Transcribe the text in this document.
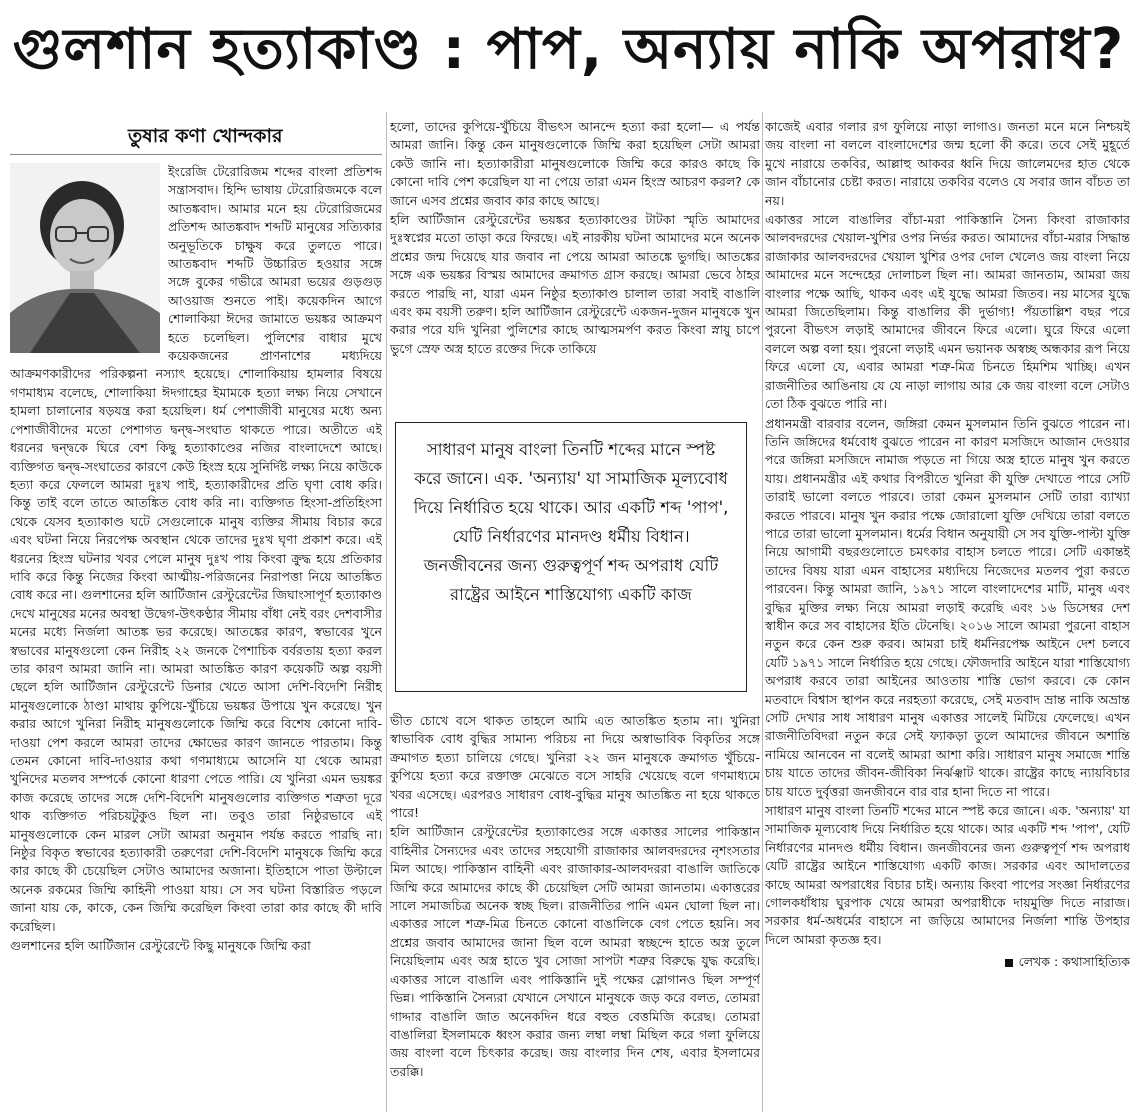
গুলশান হত্যাকাণ্ড : পাপ, অন্যায় নাকি অপরাধ?
তুষার কণা খোন্দকার

ইংরেজি টেরোরিজম শব্দের বাংলা প্রতিশব্দ সন্ত্রাসবাদ। হিন্দি ভাষায় টেরোরিজমকে বলে আতঙ্কবাদ। আমার মনে হয় টেরোরিজমের প্রতিশব্দ আতঙ্কবাদ শব্দটি মানুষের সত্যিকার অনুভূতিকে চাক্ষুষ করে তুলতে পারে। আতঙ্কবাদ শব্দটি উচ্চারিত হওয়ার সঙ্গে সঙ্গে বুকের গভীরে আমরা ভয়ের গুড়গুড় আওয়াজ শুনতে পাই। কয়েকদিন আগে শোলাকিয়া ঈদের জামাতে ভয়ঙ্কর আক্রমণ হতে চলেছিল। পুলিশের বাধার মুখে কয়েকজনের প্রাণনাশের মধ্যদিয়ে আক্রমণকারীদের পরিকল্পনা নস্যাৎ হয়েছে। শোলাকিয়ায় হামলার বিষয়ে গণমাধ্যম বলেছে, শোলাকিয়া ঈদগাহের ইমামকে হত্যা লক্ষ্য নিয়ে সেখানে হামলা চালানোর ষড়যন্ত্র করা হয়েছিল। ধর্ম পেশাজীবী মানুষের মধ্যে অন্য পেশাজীবীদের মতো পেশাগত দ্বন্দ্ব-সংঘাত থাকতে পারে। অতীতে এই ধরনের দ্বন্দ্বকে ঘিরে বেশ কিছু হত্যাকাণ্ডের নজির বাংলাদেশে আছে। ব্যক্তিগত দ্বন্দ্ব-সংঘাতের কারণে কেউ হিংস্র হয়ে সুনির্দিষ্ট লক্ষ্য নিয়ে কাউকে হত্যা করে ফেললে আমরা দুঃখ পাই, হত্যাকারীদের প্রতি ঘৃণা বোধ করি। কিন্তু তাই বলে তাতে আতঙ্কিত বোধ করি না। ব্যক্তিগত হিংসা-প্রতিহিংসা থেকে যেসব হত্যাকাণ্ড ঘটে সেগুলোকে মানুষ ব্যক্তির সীমায় বিচার করে এবং ঘটনা নিয়ে নিরপেক্ষ অবস্থান থেকে তাদের দুঃখ ঘৃণা প্রকাশ করে। এই ধরনের হিংস্র ঘটনার খবর পেলে মানুষ দুঃখ পায় কিংবা ক্রুদ্ধ হয়ে প্রতিকার দাবি করে কিন্তু নিজের কিংবা আত্মীয়-পরিজনের নিরাপত্তা নিয়ে আতঙ্কিত বোধ করে না। গুলশানের হলি আর্টিজান রেস্টুরেন্টের জিঘাংসাপূর্ণ হত্যাকাণ্ড দেখে মানুষের মনের অবস্থা উদ্বেগ-উৎকণ্ঠার সীমায় বাঁধা নেই বরং দেশবাসীর মনের মধ্যে নির্জলা আতঙ্ক ভর করেছে। আতঙ্কের কারণ, স্বভাবের খুনে স্বভাবের মানুষগুলো কেন নিরীহ ২২ জনকে পৈশাচিক বর্বরতায় হত্যা করল তার কারণ আমরা জানি না। আমরা আতঙ্কিত কারণ কয়েকটি অল্প বয়সী ছেলে হলি আর্টিজান রেস্টুরেন্টে ডিনার খেতে আসা দেশি-বিদেশি নিরীহ মানুষগুলোকে ঠাণ্ডা মাথায় কুপিয়ে-খুঁচিয়ে ভয়ঙ্কর উপায়ে খুন করেছে। খুন করার আগে খুনিরা নিরীহ মানুষগুলোকে জিম্মি করে বিশেষ কোনো দাবি-দাওয়া পেশ করলে আমরা তাদের ক্ষোভের কারণ জানতে পারতাম। কিন্তু তেমন কোনো দাবি-দাওয়ার কথা গণমাধ্যমে আসেনি যা থেকে আমরা খুনিদের মতলব সম্পর্কে কোনো ধারণা পেতে পারি। যে খুনিরা এমন ভয়ঙ্কর কাজ করেছে তাদের সঙ্গে দেশি-বিদেশি মানুষগুলোর ব্যক্তিগত শত্রুতা দূরে থাক ব্যক্তিগত পরিচয়টুকুও ছিল না। তবুও তারা নিষ্ঠুরভাবে এই মানুষগুলোকে কেন মারল সেটা আমরা অনুমান পর্যন্ত করতে পারছি না। নিষ্ঠুর বিকৃত স্বভাবের হত্যাকারী তরুণেরা দেশি-বিদেশি মানুষকে জিম্মি করে কার কাছে কী চেয়েছিল সেটাও আমাদের অজানা। ইতিহাসে পাতা উল্টালে অনেক রকমের জিম্মি কাহিনী পাওয়া যায়। সে সব ঘটনা বিস্তারিত পড়লে জানা যায় কে, কাকে, কেন জিম্মি করেছিল কিংবা তারা কার কাছে কী দাবি করেছিল।

গুলশানের হলি আর্টিজান রেস্টুরেন্টে কিছু মানুষকে জিম্মি করা

হলো, তাদের কুপিয়ে-খুঁচিয়ে বীভৎস আনন্দে হত্যা করা হলো— এ পর্যন্ত আমরা জানি। কিন্তু কেন মানুষগুলোকে জিম্মি করা হয়েছিল সেটা আমরা কেউ জানি না। হত্যাকারীরা মানুষগুলোকে জিম্মি করে কারও কাছে কি কোনো দাবি পেশ করেছিল যা না পেয়ে তারা এমন হিংস্র আচরণ করল? কে জানে এসব প্রশ্নের জবাব কার কাছে আছে।

হলি আর্টিজান রেস্টুরেন্টের ভয়ঙ্কর হত্যাকাণ্ডের টাটকা স্মৃতি আমাদের দুঃস্বপ্নের মতো তাড়া করে ফিরছে। এই নারকীয় ঘটনা আমাদের মনে অনেক প্রশ্নের জন্ম দিয়েছে যার জবাব না পেয়ে আমরা আতঙ্কে ভুগছি। আতঙ্কের সঙ্গে এক ভয়ঙ্কর বিস্ময় আমাদের ক্রমাগত গ্রাস করছে। আমরা ভেবে ঠাহর করতে পারছি না, যারা এমন নিষ্ঠুর হত্যাকাণ্ড চালাল তারা সবাই বাঙালি এবং কম বয়সী তরুণ। হলি আর্টিজান রেস্টুরেন্টে একজন-দুজন মানুষকে খুন করার পরে যদি খুনিরা পুলিশের কাছে আত্মসমর্পণ করত কিংবা স্নায়ু চাপে ভুগে স্রেফ অস্ত্র হাতে রক্তের দিকে তাকিয়ে

সাধারণ মানুষ বাংলা তিনটি শব্দের মানে স্পষ্ট করে জানে। এক. 'অন্যায়' যা সামাজিক মূল্যবোধ দিয়ে নির্ধারিত হয়ে থাকে। আর একটি শব্দ 'পাপ', যেটি নির্ধারণের মানদণ্ড ধর্মীয় বিধান। জনজীবনের জন্য গুরুত্বপূর্ণ শব্দ অপরাধ যেটি রাষ্ট্রের আইনে শাস্তিযোগ্য একটি কাজ

ভীত চোখে বসে থাকত তাহলে আমি এত আতঙ্কিত হতাম না। খুনিরা স্বাভাবিক বোধ বুদ্ধির সামান্য পরিচয় না দিয়ে অস্বাভাবিক বিকৃতির সঙ্গে ক্রমাগত হত্যা চালিয়ে গেছে। খুনিরা ২২ জন মানুষকে ক্রমাগত খুঁচিয়ে-কুপিয়ে হত্যা করে রক্তাক্ত মেঝেতে বসে সাহরি খেয়েছে বলে গণমাধ্যমে খবর এসেছে। এরপরও সাধারণ বোধ-বুদ্ধির মানুষ আতঙ্কিত না হয়ে থাকতে পারে!

হলি আর্টিজান রেস্টুরেন্টের হত্যাকাণ্ডের সঙ্গে একাত্তর সালের পাকিস্তান বাহিনীর সৈন্যদের এবং তাদের সহযোগী রাজাকার আলবদরদের নৃশংসতার মিল আছে। পাকিস্তান বাহিনী এবং রাজাকার-আলবদররা বাঙালি জাতিকে জিম্মি করে আমাদের কাছে কী চেয়েছিল সেটি আমরা জানতাম। একাত্তরের সালে সমাজচিত্র অনেক স্বচ্ছ ছিল। রাজনীতির পানি এমন ঘোলা ছিল না। একাত্তর সালে শত্রু-মিত্র চিনতে কোনো বাঙালিকে বেগ পেতে হয়নি। সব প্রশ্নের জবাব আমাদের জানা ছিল বলে আমরা স্বচ্ছন্দে হাতে অস্ত্র তুলে নিয়েছিলাম এবং অস্ত্র হাতে খুব সোজা সাপটা শত্রুর বিরুদ্ধে যুদ্ধ করেছি। একাত্তর সালে বাঙালি এবং পাকিস্তানি দুই পক্ষের স্লোগানও ছিল সম্পূর্ণ ভিন্ন। পাকিস্তানি সৈন্যরা যেখানে সেখানে মানুষকে জড় করে বলত, তোমরা গাদ্দার বাঙালি জাত অনেকদিন ধরে বহুত বেত্তমিজি করেছ। তোমরা বাঙালিরা ইসলামকে ধ্বংস করার জন্য লম্বা লম্বা মিছিল করে গলা ফুলিয়ে জয় বাংলা বলে চিৎকার করেছ। জয় বাংলার দিন শেষ, এবার ইসলামের তরক্কি।

কাজেই এবার গলার রগ ফুলিয়ে নাড়া লাগাও। জনতা মনে মনে নিশ্চয়ই জয় বাংলা না বললে বাংলাদেশের জন্ম হলো কী করে। তবে সেই মুহূর্তে মুখে নারায়ে তকবির, আল্লাহু আকবর ধ্বনি দিয়ে জালেমদের হাত থেকে জান বাঁচানোর চেষ্টা করত। নারায়ে তকবির বলেও যে সবার জান বাঁচত তা নয়।

একাত্তর সালে বাঙালির বাঁচা-মরা পাকিস্তানি সৈন্য কিংবা রাজাকার আলবদরদের খেয়াল-খুশির ওপর নির্ভর করত। আমাদের বাঁচা-মরার সিদ্ধান্ত রাজাকার আলবদরদের খেয়াল খুশির ওপর দোল খেলেও জয় বাংলা নিয়ে আমাদের মনে সন্দেহের দোলাচল ছিল না। আমরা জানতাম, আমরা জয় বাংলার পক্ষে আছি, থাকব এবং এই যুদ্ধে আমরা জিতব। নয় মাসের যুদ্ধে আমরা জিতেছিলাম। কিন্তু বাঙালির কী দুর্ভাগ্য! পঁয়তাল্লিশ বছর পরে পুরনো বীভৎস লড়াই আমাদের জীবনে ফিরে এলো। ঘুরে ফিরে এলো বললে অল্প বলা হয়। পুরনো লড়াই এমন ভয়ানক অস্বচ্ছ অন্ধকার রূপ নিয়ে ফিরে এলো যে, এবার আমরা শত্রু-মিত্র চিনতে হিমশিম খাচ্ছি। এখন রাজনীতির আঙিনায় যে যে নাড়া লাগায় আর কে জয় বাংলা বলে সেটাও তো ঠিক বুঝতে পারি না।

প্রধানমন্ত্রী বারবার বলেন, জঙ্গিরা কেমন মুসলমান তিনি বুঝতে পারেন না। তিনি জঙ্গিদের ধর্মবোধ বুঝতে পারেন না কারণ মসজিদে আজান দেওয়ার পরে জঙ্গিরা মসজিদে নামাজ পড়তে না গিয়ে অস্ত্র হাতে মানুষ খুন করতে যায়। প্রধানমন্ত্রীর এই কথার বিপরীতে খুনিরা কী যুক্তি দেখাতে পারে সেটি তারাই ভালো বলতে পারবে। তারা কেমন মুসলমান সেটি তারা ব্যাখ্যা করতে পারবে। মানুষ খুন করার পক্ষে জোরালো যুক্তি দেখিয়ে তারা বলতে পারে তারা ভালো মুসলমান। ধর্মের বিধান অনুযায়ী সে সব যুক্তি-পাল্টা যুক্তি নিয়ে আগামী বছরগুলোতে চমৎকার বাহাস চলতে পারে। সেটি একান্তই তাদের বিষয় যারা এমন বাহাসের মধ্যদিয়ে নিজেদের মতলব পুরা করতে পারবেন। কিন্তু আমরা জানি, ১৯৭১ সালে বাংলাদেশের মাটি, মানুষ এবং বুদ্ধির মুক্তির লক্ষ্য নিয়ে আমরা লড়াই করেছি এবং ১৬ ডিসেম্বর দেশ স্বাধীন করে সব বাহাসের ইতি টেনেছি। ২০১৬ সালে আমরা পুরনো বাহাস নতুন করে কেন শুরু করব। আমরা চাই ধর্মনিরপেক্ষ আইনে দেশ চলবে যেটি ১৯৭১ সালে নির্ধারিত হয়ে গেছে। ফৌজদারি আইনে যারা শাস্তিযোগ্য অপরাধ করবে তারা আইনের আওতায় শাস্তি ভোগ করবে। কে কোন মতবাদে বিশ্বাস স্থাপন করে নরহত্যা করেছে, সেই মতবাদ ভ্রান্ত নাকি অভ্রান্ত সেটি দেখার সাধ সাধারণ মানুষ একাত্তর সালেই মিটিয়ে ফেলেছে। এখন রাজনীতিবিদরা নতুন করে সেই ফ্যাকড়া তুলে আমাদের জীবনে অশান্তি নামিয়ে আনবেন না বলেই আমরা আশা করি। সাধারণ মানুষ সমাজে শান্তি চায় যাতে তাদের জীবন-জীবিকা নির্ঝঞ্ঝাট থাকে। রাষ্ট্রের কাছে ন্যায়বিচার চায় যাতে দুর্বৃত্তরা জনজীবনে বার বার হানা দিতে না পারে।

সাধারণ মানুষ বাংলা তিনটি শব্দের মানে স্পষ্ট করে জানে। এক. 'অন্যায়' যা সামাজিক মূল্যবোধ দিয়ে নির্ধারিত হয়ে থাকে। আর একটি শব্দ 'পাপ', যেটি নির্ধারণের মানদণ্ড ধর্মীয় বিধান। জনজীবনের জন্য গুরুত্বপূর্ণ শব্দ অপরাধ যেটি রাষ্ট্রের আইনে শাস্তিযোগ্য একটি কাজ। সরকার এবং আদালতের কাছে আমরা অপরাধের বিচার চাই। অন্যায় কিংবা পাপের সংজ্ঞা নির্ধারণের গোলকধাঁধায় ঘুরপাক খেয়ে আমরা অপরাধীকে দায়মুক্তি দিতে নারাজ। সরকার ধর্ম-অধর্মের বাহাসে না জড়িয়ে আমাদের নির্জলা শান্তি উপহার দিলে আমরা কৃতজ্ঞ হব।

লেখক : কথাসাহিত্যিক
